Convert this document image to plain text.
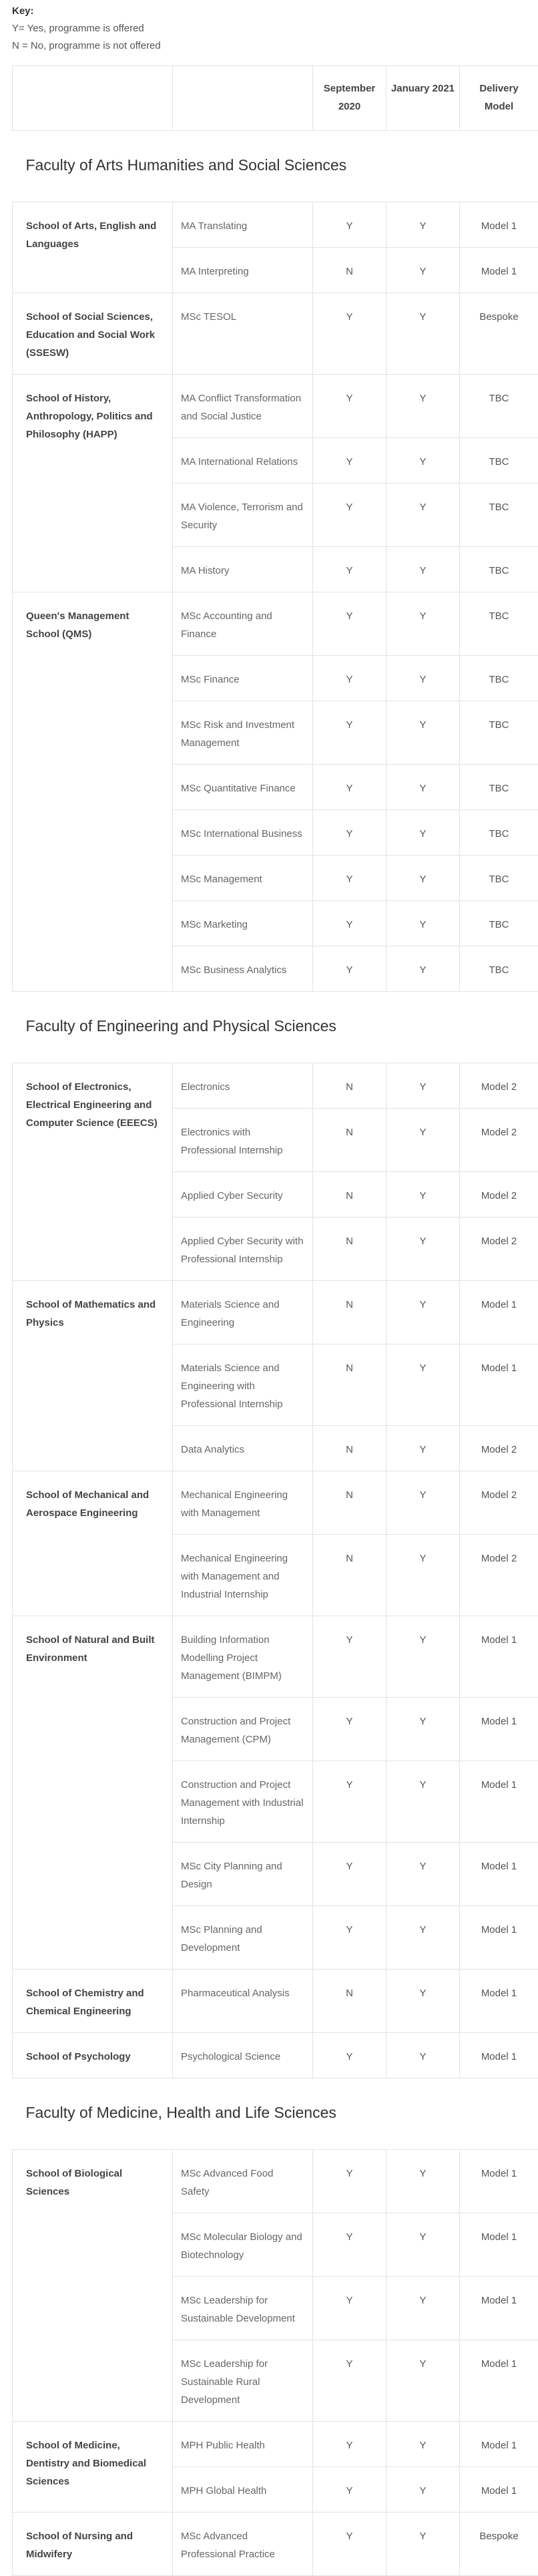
Key:
Y= Yes, programme is offered
N = No, programme is not offered
		September 2020	January 2021	Delivery Model
Faculty of Arts Humanities and Social Sciences				
School of Arts, English and Languages	MA Translating	Y	Y	Model 1
	MA Interpreting	N	Y	Model 1
School of Social Sciences, Education and Social Work (SSESW)	MSc TESOL	Y	Y	Bespoke
School of History, Anthropology, Politics and Philosophy (HAPP)	MA Conflict Transformation and Social Justice	Y	Y	TBC
	MA International Relations	Y	Y	TBC
	MA Violence, Terrorism and Security	Y	Y	TBC
	MA History	Y	Y	TBC
Queen's Management School (QMS)	MSc Accounting and Finance	Y	Y	TBC
	MSc Finance	Y	Y	TBC
	MSc Risk and Investment Management	Y	Y	TBC
	MSc Quantitative Finance	Y	Y	TBC
	MSc International Business	Y	Y	TBC
	MSc Management	Y	Y	TBC
	MSc Marketing	Y	Y	TBC
	MSc Business Analytics	Y	Y	TBC
Faculty of Engineering and Physical Sciences				
School of Electronics, Electrical Engineering and Computer Science (EEECS)	Electronics	N	Y	Model 2
	Electronics with Professional Internship	N	Y	Model 2
	Applied Cyber Security	N	Y	Model 2
	Applied Cyber Security with Professional Internship	N	Y	Model 2
School of Mathematics and Physics	Materials Science and Engineering	N	Y	Model 1
	Materials Science and Engineering with Professional Internship	N	Y	Model 1
	Data Analytics	N	Y	Model 2
School of Mechanical and Aerospace Engineering	Mechanical Engineering with Management	N	Y	Model 2
	Mechanical Engineering with Management and Industrial Internship	N	Y	Model 2
School of Natural and Built Environment	Building Information Modelling Project Management (BIMPM)	Y	Y	Model 1
	Construction and Project Management (CPM)	Y	Y	Model 1
	Construction and Project Management with Industrial Internship	Y	Y	Model 1
	MSc City Planning and Design	Y	Y	Model 1
	MSc Planning and Development	Y	Y	Model 1
School of Chemistry and Chemical Engineering	Pharmaceutical Analysis	N	Y	Model 1
School of Psychology	Psychological Science	Y	Y	Model 1
Faculty of Medicine, Health and Life Sciences				
School of Biological Sciences	MSc Advanced Food Safety	Y	Y	Model 1
	MSc Molecular Biology and Biotechnology	Y	Y	Model 1
	MSc Leadership for Sustainable Development	Y	Y	Model 1
	MSc Leadership for Sustainable Rural Development	Y	Y	Model 1
School of Medicine, Dentistry and Biomedical Sciences	MPH Public Health	Y	Y	Model 1
	MPH Global Health	Y	Y	Model 1
School of Nursing and Midwifery	MSc Advanced Professional Practice	Y	Y	Bespoke
